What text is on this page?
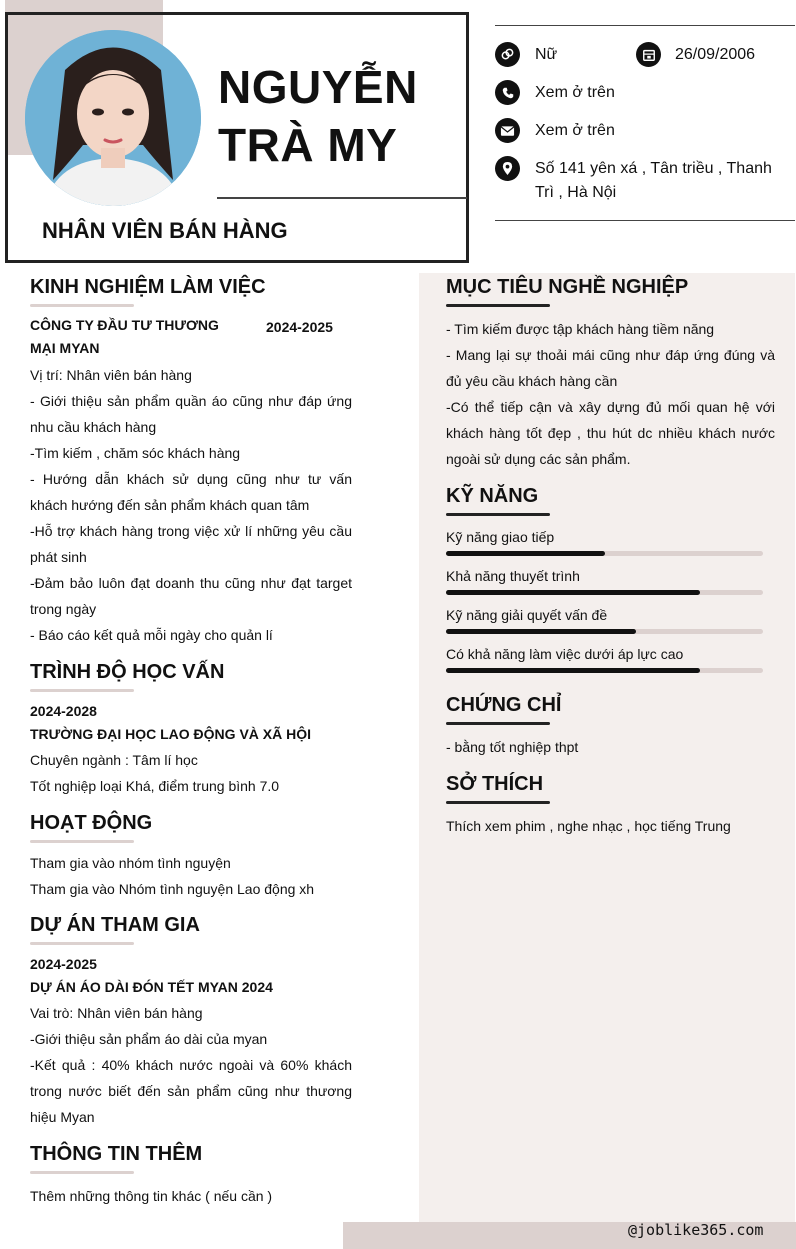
NGUYỄN
TRÀ MY
NHÂN VIÊN BÁN HÀNG
Nữ	26/09/2006
Xem ở trên
Xem ở trên
Số 141 yên xá , Tân triều , Thanh Trì , Hà Nội
KINH NGHIỆM LÀM VIỆC
CÔNG TY ĐẦU TƯ THƯƠNG MẠI MYAN
2024-2025
Vị trí: Nhân viên bán hàng
- Giới thiệu sản phẩm quần áo cũng như đáp ứng nhu cầu khách hàng
-Tìm kiếm , chăm sóc khách hàng
- Hướng dẫn khách sử dụng cũng như tư vấn khách hướng đến sản phẩm khách quan tâm
-Hỗ trợ khách hàng trong việc xử lí những yêu cầu phát sinh
-Đảm bảo luôn đạt doanh thu cũng như đạt target trong ngày
- Báo cáo kết quả mỗi ngày cho quản lí
TRÌNH ĐỘ HỌC VẤN
2024-2028
TRƯỜNG ĐẠI HỌC LAO ĐỘNG VÀ XÃ HỘI
Chuyên ngành : Tâm lí học
Tốt nghiệp loại Khá, điểm trung bình 7.0
HOẠT ĐỘNG
Tham gia vào nhóm tình nguyện
Tham gia vào Nhóm tình nguyện Lao động xh
DỰ ÁN THAM GIA
2024-2025
DỰ ÁN ÁO DÀI ĐÓN TẾT MYAN 2024
Vai trò: Nhân viên bán hàng
-Giới thiệu sản phẩm áo dài của myan
-Kết quả : 40% khách nước ngoài và 60% khách trong nước biết đến sản phẩm cũng như thương hiệu Myan
THÔNG TIN THÊM
Thêm những thông tin khác ( nếu cần )
MỤC TIÊU NGHỀ NGHIỆP
- Tìm kiếm được tập khách hàng tiềm năng
- Mang lại sự thoải mái cũng như đáp ứng đúng và đủ yêu cầu khách hàng cần
-Có thể tiếp cận và xây dựng đủ mối quan hệ với khách hàng tốt đẹp , thu hút dc nhiều khách nước ngoài sử dụng các sản phẩm.
KỸ NĂNG
Kỹ năng giao tiếp
Khả năng thuyết trình
Kỹ năng giải quyết vấn đề
Có khả năng làm việc dưới áp lực cao
CHỨNG CHỈ
- bằng tốt nghiệp thpt
SỞ THÍCH
Thích xem phim , nghe nhạc , học tiếng Trung
@joblike365.com
